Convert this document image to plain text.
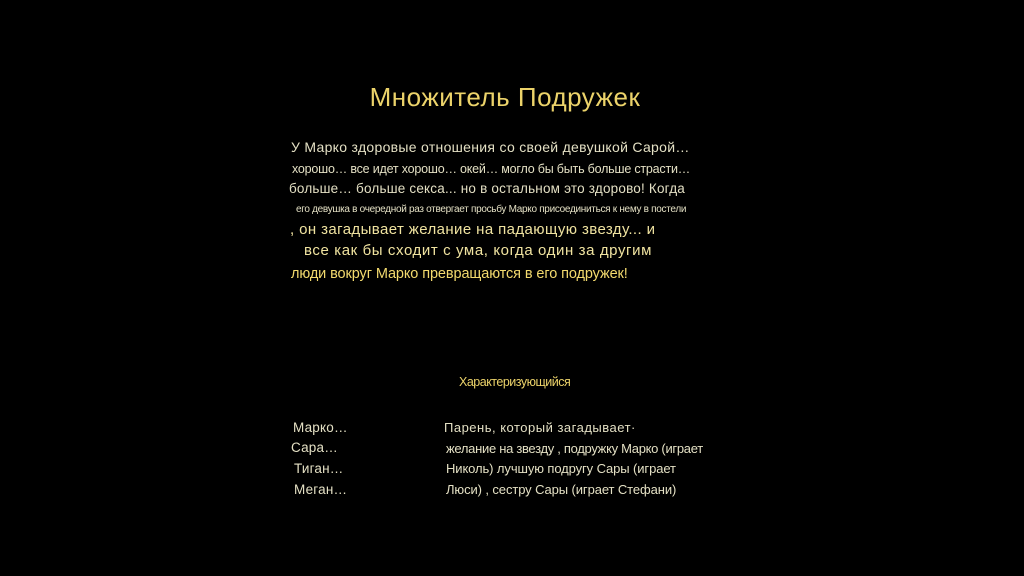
Множитель Подружек
У Марко здоровые отношения со своей девушкой Сарой…
хорошо… все идет хорошо… окей… могло бы быть больше страсти…
больше… больше секса... но в остальном это здорово! Когда
его девушка в очередной раз отвергает просьбу Марко присоединиться к нему в постели
, он загадывает желание на падающую звезду... и
все как бы сходит с ума, когда один за другим
люди вокруг Марко превращаются в его подружек!
Характеризующийся
Марко…
Сара…
Тиган…
Меган…
Парень, который загадывает·
желание на звезду , подружку Марко (играет
Николь) лучшую подругу Сары (играет
Люси) , сестру Сары (играет Стефани)
